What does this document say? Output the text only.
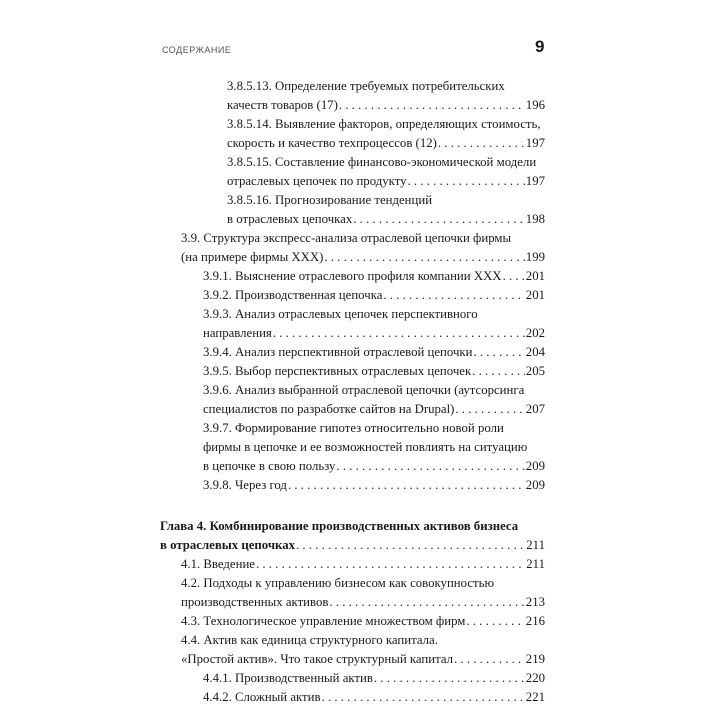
СОДЕРЖАНИЕ	9
3.8.5.13. Определение требуемых потребительских
качеств товаров (17) . . .	196
3.8.5.14. Выявление факторов, определяющих стоимость,
скорость и качество техпроцессов (12) . . .	197
3.8.5.15. Составление финансово-экономической модели
отраслевых цепочек по продукту . . .	197
3.8.5.16. Прогнозирование тенденций
в отраслевых цепочках . . .	198
3.9. Структура экспресс-анализа отраслевой цепочки фирмы
(на примере фирмы ХХХ) . . .	199
3.9.1. Выяснение отраслевого профиля компании ХХХ . . . 201
3.9.2. Производственная цепочка . . .	201
3.9.3. Анализ отраслевых цепочек перспективного
направления . . .	202
3.9.4. Анализ перспективной отраслевой цепочки . . .	204
3.9.5. Выбор перспективных отраслевых цепочек . . .	205
3.9.6. Анализ выбранной отраслевой цепочки (аутсорсинга
специалистов по разработке сайтов на Drupal) . . .	207
3.9.7. Формирование гипотез относительно новой роли
фирмы в цепочке и ее возможностей повлиять на ситуацию
в цепочке в свою пользу . . .	209
3.9.8. Через год . . .	209
Глава 4. Комбинирование производственных активов бизнеса
в отраслевых цепочках . . .	211
4.1. Введение . . .	211
4.2. Подходы к управлению бизнесом как совокупностью
производственных активов . . .	213
4.3. Технологическое управление множеством фирм . . .	216
4.4. Актив как единица структурного капитала.
«Простой актив». Что такое структурный капитал . . .	219
4.4.1. Производственный актив . . .	220
4.4.2. Сложный актив . . .	221
